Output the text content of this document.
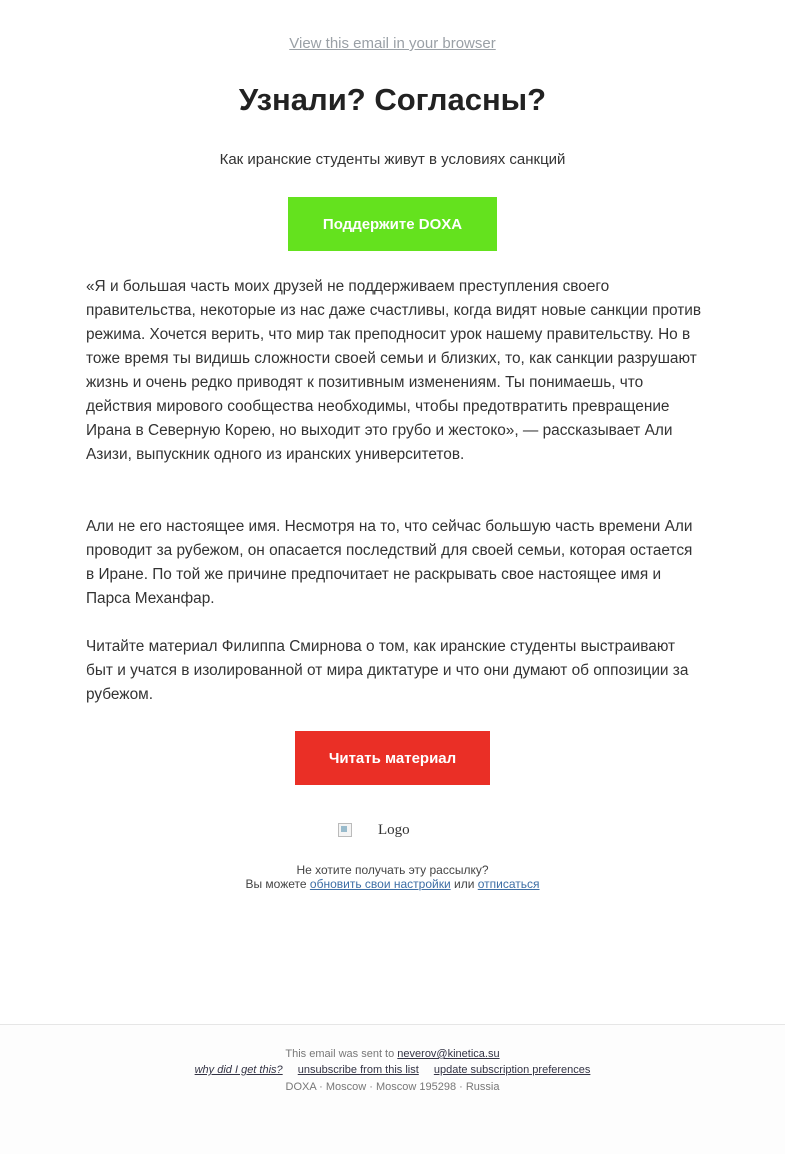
View this email in your browser
Узнали? Согласны?
Как иранские студенты живут в условиях санкций
Поддержите DOXA

«Я и большая часть моих друзей не поддерживаем преступления своего правительства, некоторые из нас даже счастливы, когда видят новые санкции против режима. Хочется верить, что мир так преподносит урок нашему правительству. Но в тоже время ты видишь сложности своей семьи и близких, то, как санкции разрушают жизнь и очень редко приводят к позитивным изменениям. Ты понимаешь, что действия мирового сообщества необходимы, чтобы предотвратить превращение Ирана в Северную Корею, но выходит это грубо и жестоко», — рассказывает Али Азизи, выпускник одного из иранских университетов.

Али не его настоящее имя. Несмотря на то, что сейчас большую часть времени Али проводит за рубежом, он опасается последствий для своей семьи, которая остается в Иране. По той же причине предпочитает не раскрывать свое настоящее имя и Парса Механфар.

Читайте материал Филиппа Смирнова о том, как иранские студенты выстраивают быт и учатся в изолированной от мира диктатуре и что они думают об оппозиции за рубежом.

Читать материал
Logo
Не хотите получать эту рассылку?
Вы можете обновить свои настройки или отписаться
This email was sent to neverov@kinetica.su
why did I get this? unsubscribe from this list update subscription preferences
DOXA · Moscow · Moscow 195298 · Russia
